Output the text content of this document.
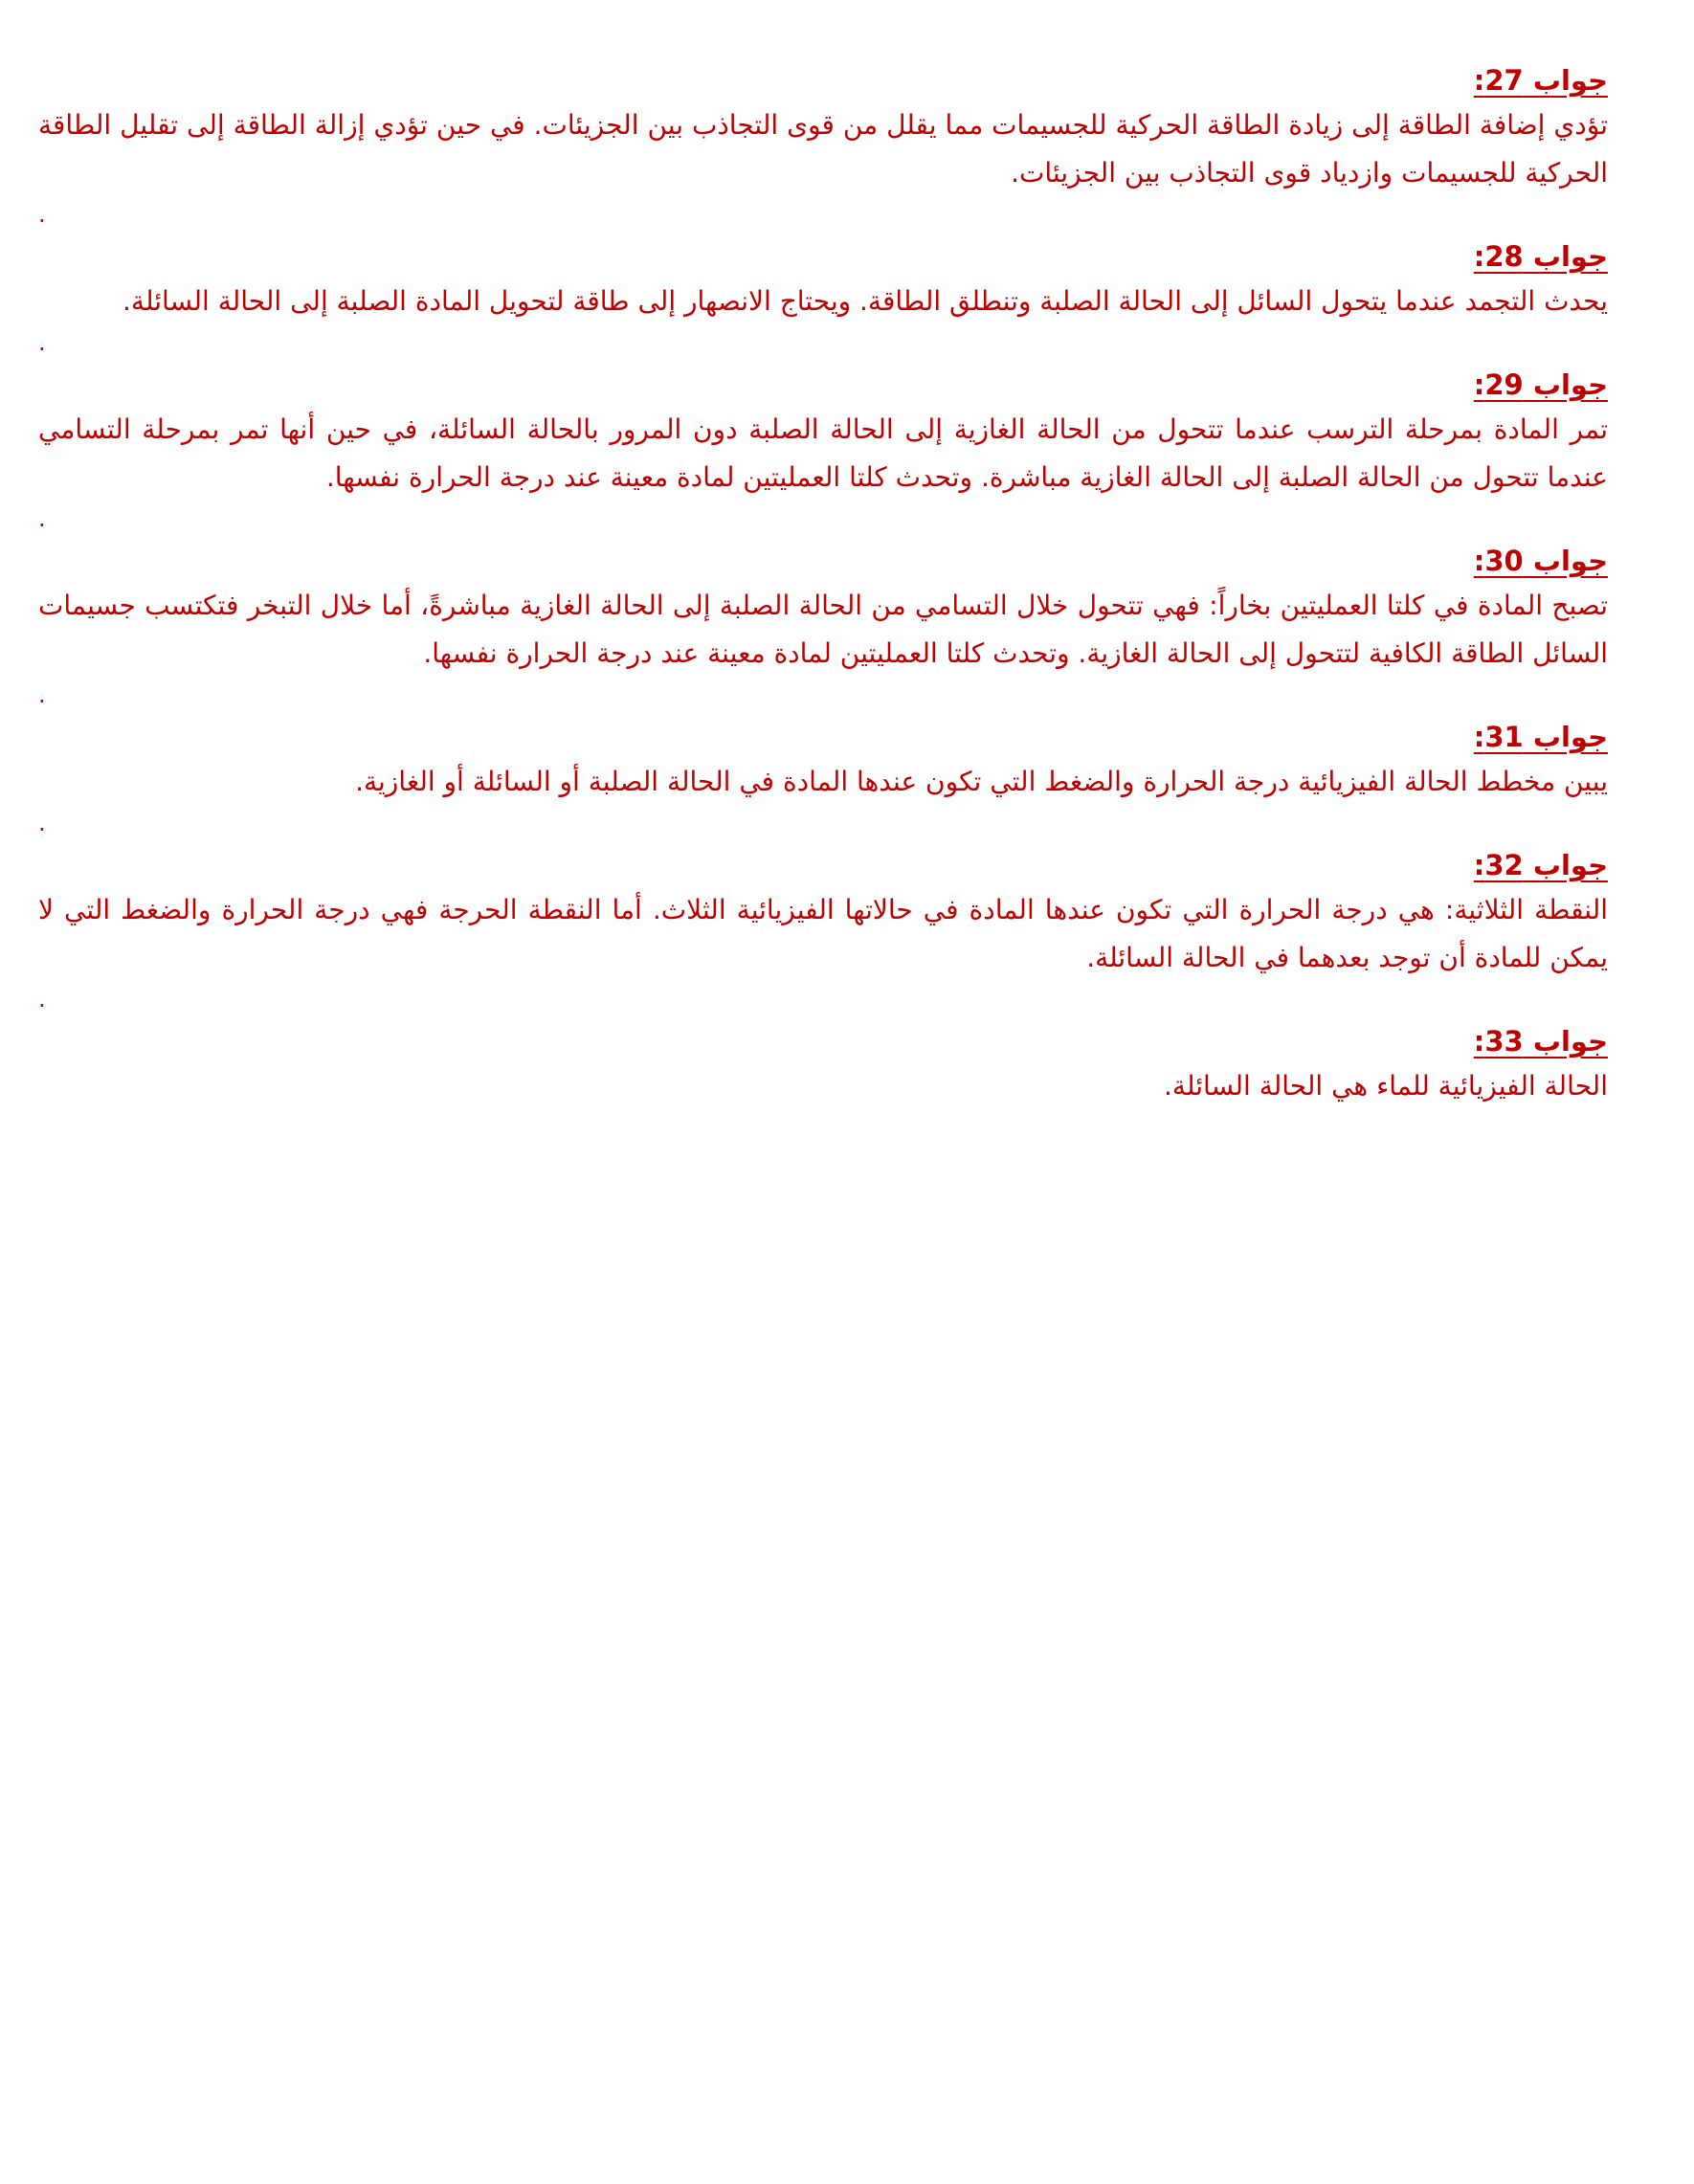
جواب 27:

تؤدي إضافة الطاقة إلى زيادة الطاقة الحركية للجسيمات مما يقلل من قوى التجاذب بين الجزيئات. في حين تؤدي إزالة الطاقة إلى تقليل الطاقة الحركية للجسيمات وازدياد قوى التجاذب بين الجزيئات.

.
جواب 28:

يحدث التجمد عندما يتحول السائل إلى الحالة الصلبة وتنطلق الطاقة. ويحتاج الانصهار إلى طاقة لتحويل المادة الصلبة إلى الحالة السائلة.

.
جواب 29:

تمر المادة بمرحلة الترسب عندما تتحول من الحالة الغازية إلى الحالة الصلبة دون المرور بالحالة السائلة، في حين أنها تمر بمرحلة التسامي عندما تتحول من الحالة الصلبة إلى الحالة الغازية مباشرة. وتحدث كلتا العمليتين لمادة معينة عند درجة الحرارة نفسها.

.
جواب 30:

تصبح المادة في كلتا العمليتين بخاراً: فهي تتحول خلال التسامي من الحالة الصلبة إلى الحالة الغازية مباشرةً، أما خلال التبخر فتكتسب جسيمات السائل الطاقة الكافية لتتحول إلى الحالة الغازية. وتحدث كلتا العمليتين لمادة معينة عند درجة الحرارة نفسها.

.
جواب 31:

يبين مخطط الحالة الفيزيائية درجة الحرارة والضغط التي تكون عندها المادة في الحالة الصلبة أو السائلة أو الغازية.

.
جواب 32:

النقطة الثلاثية: هي درجة الحرارة التي تكون عندها المادة في حالاتها الفيزيائية الثلاث. أما النقطة الحرجة فهي درجة الحرارة والضغط التي لا يمكن للمادة أن توجد بعدهما في الحالة السائلة.

.
جواب 33:

الحالة الفيزيائية للماء هي الحالة السائلة.
